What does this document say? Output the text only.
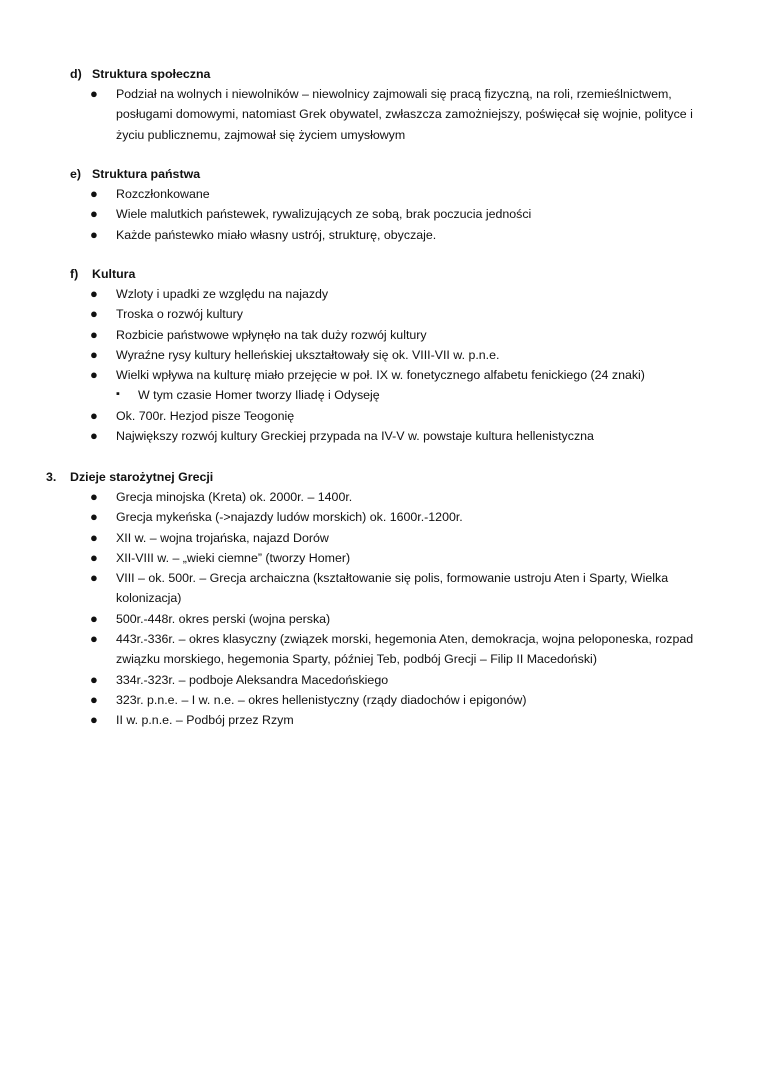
d) Struktura społeczna
● Podział na wolnych i niewolników – niewolnicy zajmowali się pracą fizyczną, na roli, rzemieślnictwem, posługami domowymi, natomiast Grek obywatel, zwłaszcza zamożniejszy, poświęcał się wojnie, polityce i życiu publicznemu, zajmował się życiem umysłowym
e) Struktura państwa
● Rozczłonkowane
● Wiele malutkich państewek, rywalizujących ze sobą, brak poczucia jedności
● Każde państewko miało własny ustrój, strukturę, obyczaje.
f) Kultura
● Wzloty i upadki ze względu na najazdy
● Troska o rozwój kultury
● Rozbicie państwowe wpłynęło na tak duży rozwój kultury
● Wyraźne rysy kultury helleńskiej ukształtowały się ok. VIII-VII w. p.n.e.
● Wielki wpływa na kulturę miało przejęcie w poł. IX w. fonetycznego alfabetu fenickiego (24 znaki)
▪ W tym czasie Homer tworzy Iliadę i Odyseję
● Ok. 700r. Hezjod pisze Teogonię
● Największy rozwój kultury Greckiej przypada na IV-V w. powstaje kultura hellenistyczna
3. Dzieje starożytnej Grecji
● Grecja minojska (Kreta) ok. 2000r. – 1400r.
● Grecja mykeńska (->najazdy ludów morskich) ok. 1600r.-1200r.
● XII w. – wojna trojańska, najazd Dorów
● XII-VIII w. – „wieki ciemne” (tworzy Homer)
● VIII – ok. 500r. – Grecja archaiczna (kształtowanie się polis, formowanie ustroju Aten i Sparty, Wielka kolonizacja)
● 500r.-448r. okres perski (wojna perska)
● 443r.-336r. – okres klasyczny (związek morski, hegemonia Aten, demokracja, wojna peloponeska, rozpad związku morskiego, hegemonia Sparty, później Teb, podbój Grecji – Filip II Macedoński)
● 334r.-323r. – podboje Aleksandra Macedońskiego
● 323r. p.n.e. – I w. n.e. – okres hellenistyczny (rządy diadochów i epigonów)
● II w. p.n.e. – Podbój przez Rzym
